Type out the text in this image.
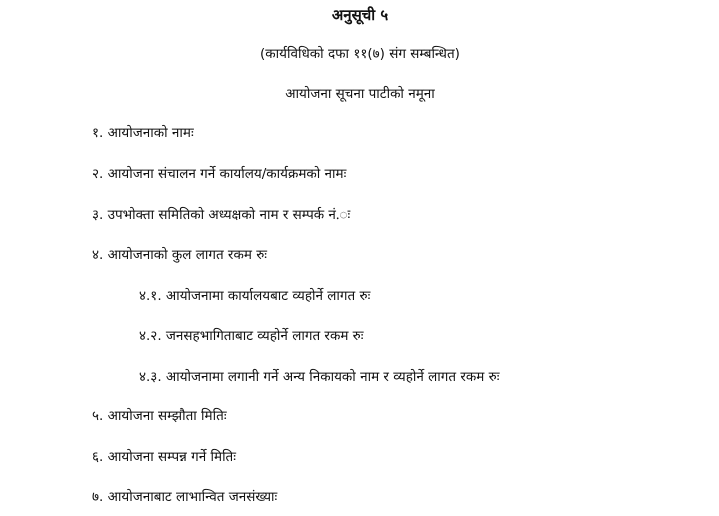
अनुसूची ५
(कार्यविधिको दफा ११(७) संग सम्बन्धित)
आयोजना सूचना पाटीको नमूना
१. आयोजनाको नामः
२. आयोजना संचालन गर्ने कार्यालय/कार्यक्रमको नामः
३. उपभोक्ता समितिको अध्यक्षको नाम र सम्पर्क नं.ः
४. आयोजनाको कुल लागत रकम रुः
४.१. आयोजनामा कार्यालयबाट व्यहोर्ने लागत रुः
४.२. जनसहभागिताबाट व्यहोर्ने लागत रकम रुः
४.३. आयोजनामा लगानी गर्ने अन्य निकायको नाम र व्यहोर्ने लागत रकम रुः
५. आयोजना सम्झौता मितिः
६. आयोजना सम्पन्न गर्ने मितिः
७. आयोजनाबाट लाभान्वित जनसंख्याः
